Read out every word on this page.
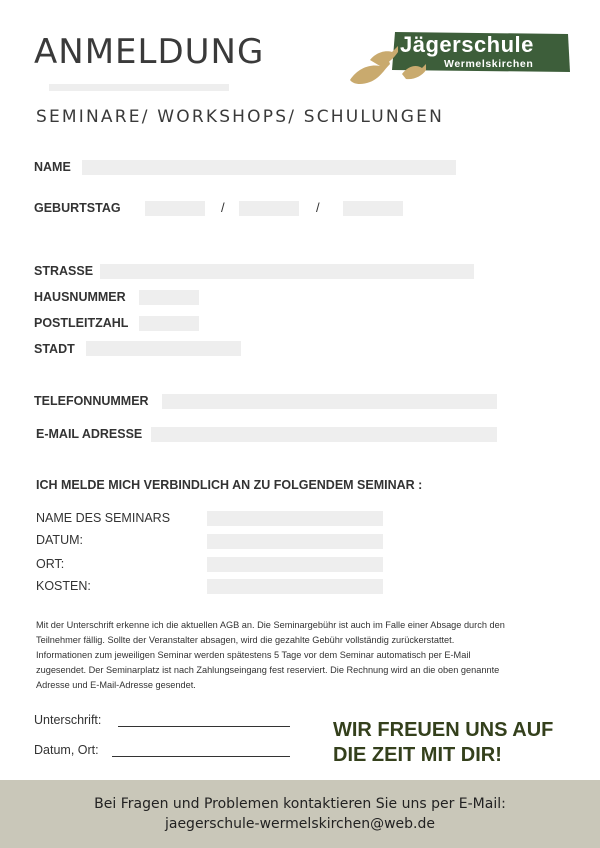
ANMELDUNG
SEMINARE/ WORKSHOPS/ SCHULUNGEN
Jägerschule
Wermelskirchen
NAME
GEBURTSTAG	/	/
STRASSE
HAUSNUMMER
POSTLEITZAHL
STADT
TELEFONNUMMER
E-MAIL ADRESSE
ICH MELDE MICH VERBINDLICH AN ZU FOLGENDEM SEMINAR :
NAME DES SEMINARS
DATUM:
ORT:
KOSTEN:
Mit der Unterschrift erkenne ich die aktuellen AGB an. Die Seminargebühr ist auch im Falle einer Absage durch den
Teilnehmer fällig. Sollte der Veranstalter absagen, wird die gezahlte Gebühr vollständig zurückerstattet.
Informationen zum jeweiligen Seminar werden spätestens 5 Tage vor dem Seminar automatisch per E-Mail
zugesendet. Der Seminarplatz ist nach Zahlungseingang fest reserviert. Die Rechnung wird an die oben genannte
Adresse und E-Mail-Adresse gesendet.
Unterschrift:
Datum, Ort:
WIR FREUEN UNS AUF
DIE ZEIT MIT DIR!
Bei Fragen und Problemen kontaktieren Sie uns per E-Mail:
jaegerschule-wermelskirchen@web.de
